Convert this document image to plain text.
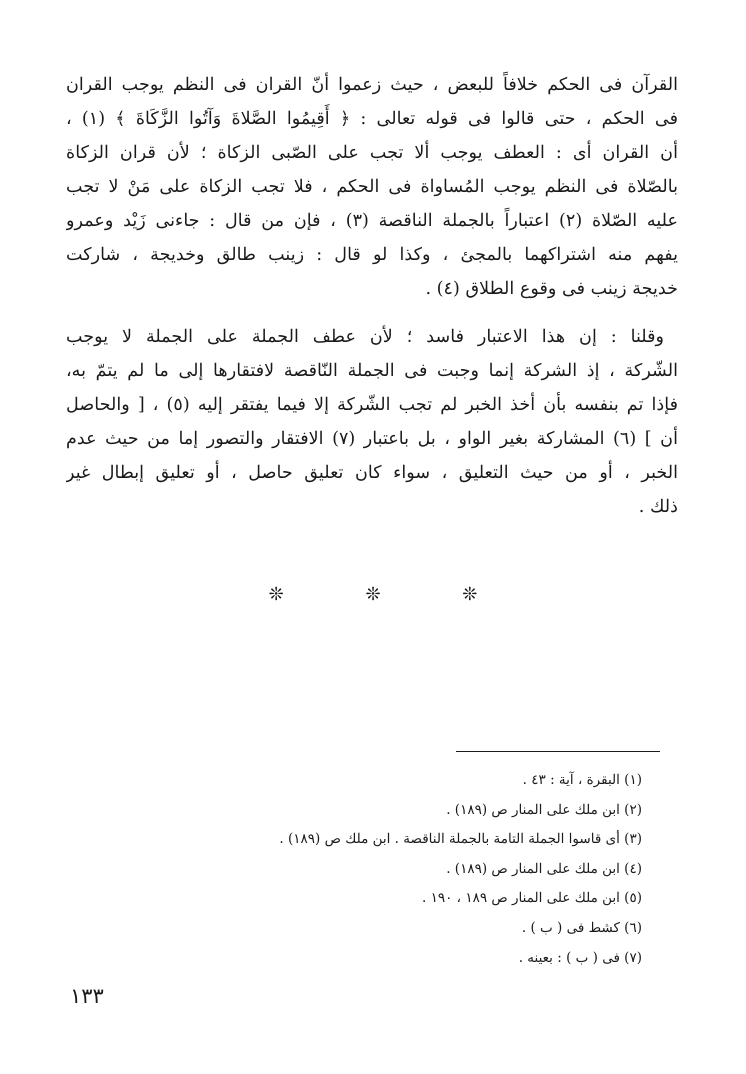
القرآن فى الحكم خلافاً للبعض ، حيث زعموا أنّ القران فى النظم يوجب القران
فى الحكم ، حتى قالوا فى قوله تعالى : ﴿ أَقِيمُوا الصَّلاةَ وَآتُوا الزَّكَاةَ ﴾ (١) ،
أن القران أى : العطف يوجب ألا تجب على الصّبى الزكاة ؛ لأن قران الزكاة
بالصّلاة فى النظم يوجب المُساواة فى الحكم ، فلا تجب الزكاة على مَنْ لا تجب
عليه الصّلاة (٢) اعتباراً بالجملة الناقصة (٣) ، فإن من قال : جاءنى زَيْد وعمرو
يفهم منه اشتراكهما بالمجئ ، وكذا لو قال : زينب طالق وخديجة ، شاركت
خديجة زينب فى وقوع الطلاق (٤) .
وقلنا : إن هذا الاعتبار فاسد ؛ لأن عطف الجملة على الجملة لا يوجب
الشّركة ، إذ الشركة إنما وجبت فى الجملة النّاقصة لافتقارها إلى ما لم يتمّ به،
فإذا تم بنفسه بأن أخذ الخبر لم تجب الشّركة إلا فيما يفتقر إليه (٥) ، [ والحاصل
أن ] (٦) المشاركة بغير الواو ، بل باعتبار (٧) الافتقار والتصور إما من حيث عدم
الخبر ، أو من حيث التعليق ، سواء كان تعليق حاصل ، أو تعليق إبطال غير
ذلك .
❊ ❊ ❊
(١) البقرة ، آية : ٤٣ .
(٢) ابن ملك على المنار ص (١٨٩) .
(٣) أى قاسوا الجملة التامة بالجملة الناقصة . ابن ملك ص (١٨٩) .
(٤) ابن ملك على المنار ص (١٨٩) .
(٥) ابن ملك على المنار ص ١٨٩ ، ١٩٠ .
(٦) كشط فى ( ب ) .
(٧) فى ( ب ) : بعينه .
١٣٣
